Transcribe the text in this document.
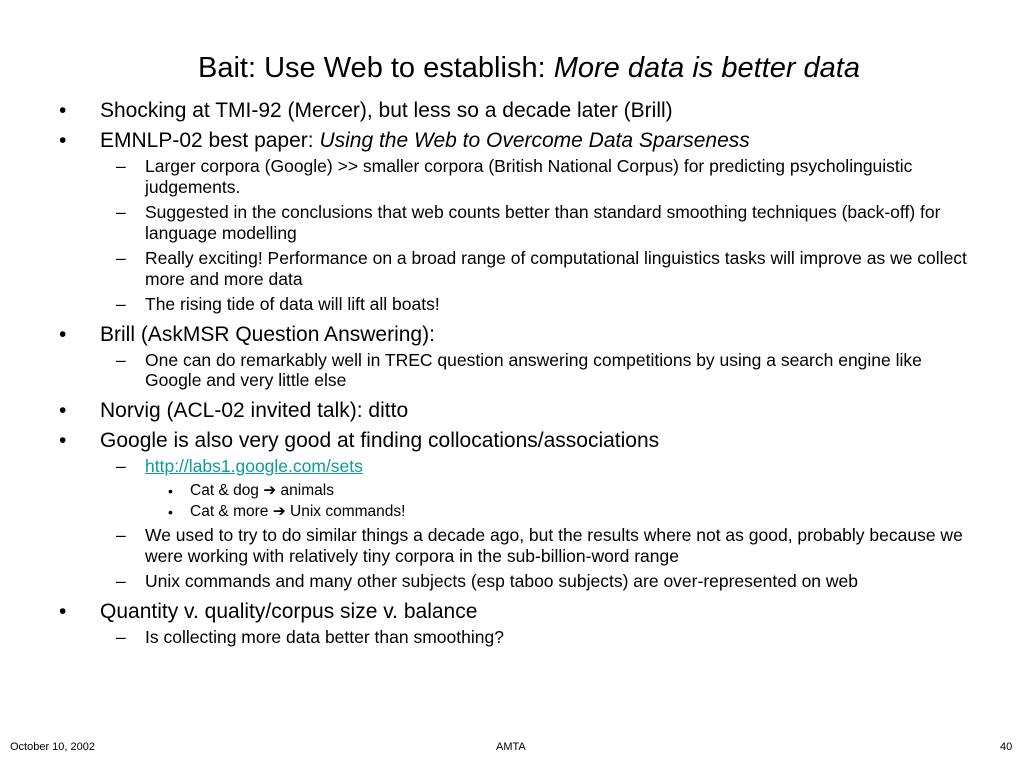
Bait: Use Web to establish: More data is better data
• Shocking at TMI-92 (Mercer), but less so a decade later (Brill)
• EMNLP-02 best paper: Using the Web to Overcome Data Sparseness
– Larger corpora (Google) >> smaller corpora (British National Corpus) for predicting psycholinguistic judgements.
– Suggested in the conclusions that web counts better than standard smoothing techniques (back-off) for language modelling
– Really exciting! Performance on a broad range of computational linguistics tasks will improve as we collect more and more data
– The rising tide of data will lift all boats!
• Brill (AskMSR Question Answering):
– One can do remarkably well in TREC question answering competitions by using a search engine like Google and very little else
• Norvig (ACL-02 invited talk): ditto
• Google is also very good at finding collocations/associations
– http://labs1.google.com/sets
• Cat & dog ➔ animals
• Cat & more ➔ Unix commands!
– We used to try to do similar things a decade ago, but the results where not as good, probably because we were working with relatively tiny corpora in the sub-billion-word range
– Unix commands and many other subjects (esp taboo subjects) are over-represented on web
• Quantity v. quality/corpus size v. balance
– Is collecting more data better than smoothing?
October 10, 2002	AMTA	40
